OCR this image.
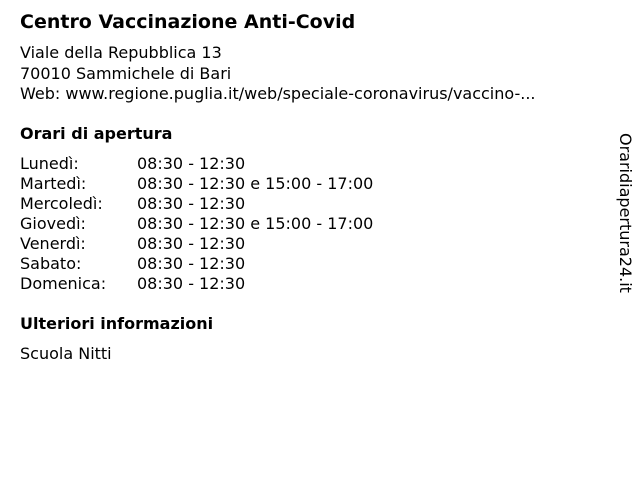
Centro Vaccinazione Anti-Covid
Viale della Repubblica 13
70010 Sammichele di Bari
Web: www.regione.puglia.it/web/speciale-coronavirus/vaccino-...
Orari di apertura
Lunedì:	08:30 - 12:30
Martedì:	08:30 - 12:30 e 15:00 - 17:00
Mercoledì:	08:30 - 12:30
Giovedì:	08:30 - 12:30 e 15:00 - 17:00
Venerdì:	08:30 - 12:30
Sabato:	08:30 - 12:30
Domenica:	08:30 - 12:30
Ulteriori informazioni
Scuola Nitti
Oraridiapertura24.it
